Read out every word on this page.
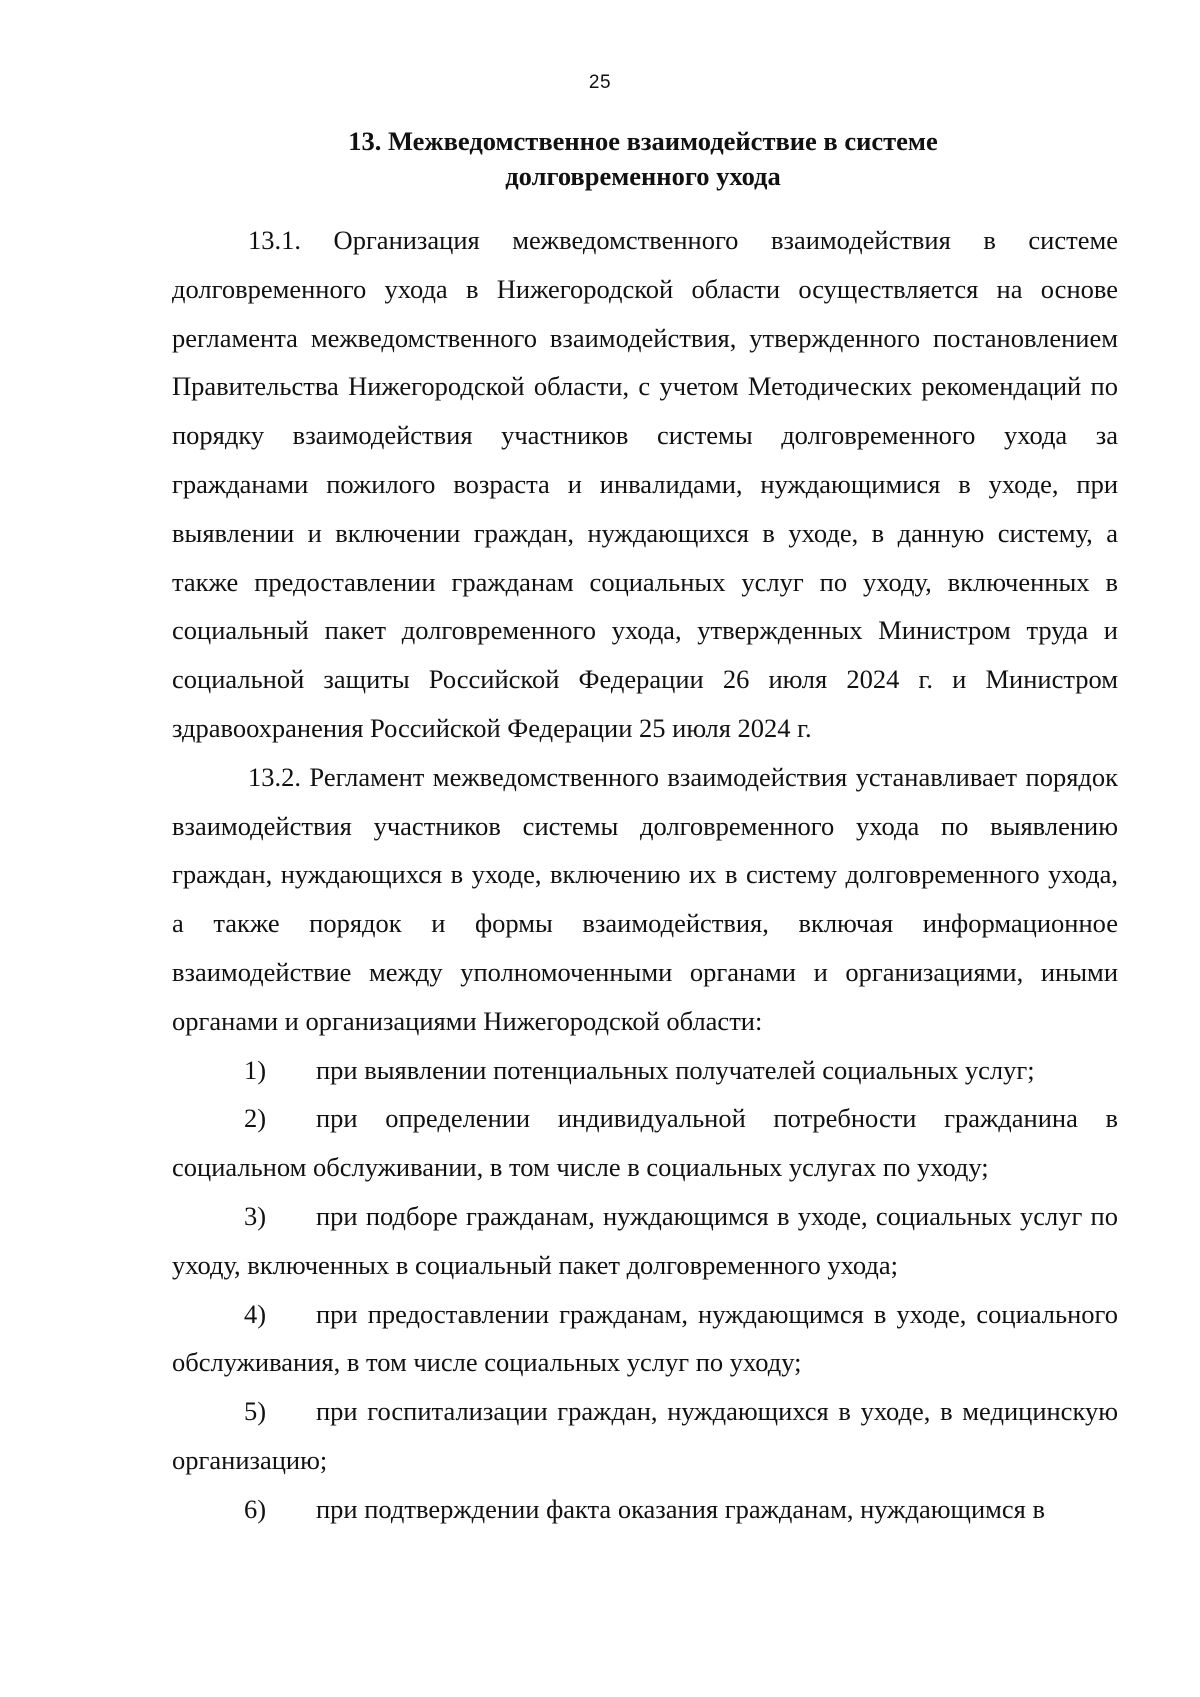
25
13. Межведомственное взаимодействие в системе
долговременного ухода

13.1. Организация межведомственного взаимодействия в системе долговременного ухода в Нижегородской области осуществляется на основе регламента межведомственного взаимодействия, утвержденного постановлением Правительства Нижегородской области, с учетом Методических рекомендаций по порядку взаимодействия участников системы долговременного ухода за гражданами пожилого возраста и инвалидами, нуждающимися в уходе, при выявлении и включении граждан, нуждающихся в уходе, в данную систему, а также предоставлении гражданам социальных услуг по уходу, включенных в социальный пакет долговременного ухода, утвержденных Министром труда и социальной защиты Российской Федерации 26 июля 2024 г. и Министром здравоохранения Российской Федерации 25 июля 2024 г.

13.2. Регламент межведомственного взаимодействия устанавливает порядок взаимодействия участников системы долговременного ухода по выявлению граждан, нуждающихся в уходе, включению их в систему долговременного ухода, а также порядок и формы взаимодействия, включая информационное взаимодействие между уполномоченными органами и организациями, иными органами и организациями Нижегородской области:

1) при выявлении потенциальных получателей социальных услуг;

2) при определении индивидуальной потребности гражданина в социальном обслуживании, в том числе в социальных услугах по уходу;

3) при подборе гражданам, нуждающимся в уходе, социальных услуг по уходу, включенных в социальный пакет долговременного ухода;

4) при предоставлении гражданам, нуждающимся в уходе, социального обслуживания, в том числе социальных услуг по уходу;

5) при госпитализации граждан, нуждающихся в уходе, в медицинскую организацию;

6) при подтверждении факта оказания гражданам, нуждающимся в
